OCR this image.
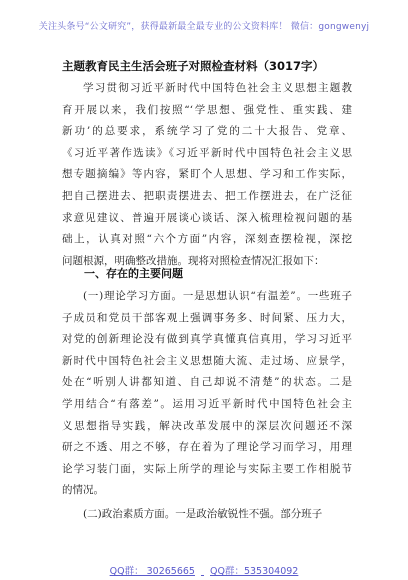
关注头条号“公文研究”，获得最新最全最专业的公文资料库！ 微信：gongwenyj
主题教育民主生活会班子对照检查材料（3017字）
学习贯彻习近平新时代中国特色社会主义思想主题教
育开展以来，我们按照“‘学思想、强党性、重实践、建
新功’的总要求，系统学习了党的二十大报告、党章、
《习近平著作选读》《习近平新时代中国特色社会主义思
想专题摘编》等内容，紧盯个人思想、学习和工作实际，
把自己摆进去、把职责摆进去、把工作摆进去，在广泛征
求意见建议、普遍开展谈心谈话、深入梳理检视问题的基
础上，认真对照“六个方面”内容，深刻查摆检视，深挖
问题根源，明确整改措施。现将对照检查情况汇报如下：
一、存在的主要问题
(一)理论学习方面。一是思想认识“有温差”。一些班子
子成员和党员干部客观上强调事务多、时间紧、压力大，
对党的创新理论没有做到真学真懂真信真用，学习习近平
新时代中国特色社会主义思想随大流、走过场、应景学，
处在“听别人讲都知道、自己却说不清楚”的状态。二是
学用结合“有落差”。运用习近平新时代中国特色社会主
义思想指导实践，解决改革发展中的深层次问题还不深
研之不透、用之不够，存在着为了理论学习而学习，用理
论学习装门面，实际上所学的理论与实际主要工作相脱节
的情况。
(二)政治素质方面。一是政治敏锐性不强。部分班子
QQ群： 30265665 QQ群：535304092
